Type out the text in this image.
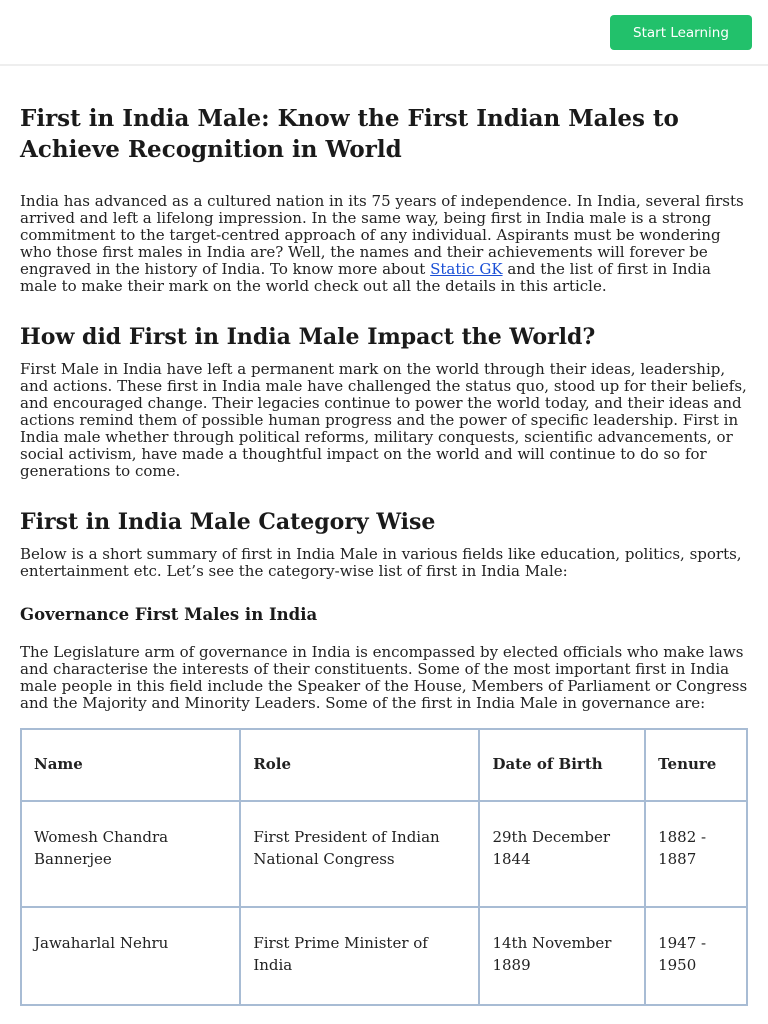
Start Learning
First in India Male: Know the First Indian Males to Achieve Recognition in World

India has advanced as a cultured nation in its 75 years of independence. In India, several firsts arrived and left a lifelong impression. In the same way, being first in India male is a strong commitment to the target-centred approach of any individual. Aspirants must be wondering who those first males in India are? Well, the names and their achievements will forever be engraved in the history of India. To know more about Static GK and the list of first in India male to make their mark on the world check out all the details in this article.

How did First in India Male Impact the World?

First Male in India have left a permanent mark on the world through their ideas, leadership, and actions. These first in India male have challenged the status quo, stood up for their beliefs, and encouraged change. Their legacies continue to power the world today, and their ideas and actions remind them of possible human progress and the power of specific leadership. First in India male whether through political reforms, military conquests, scientific advancements, or social activism, have made a thoughtful impact on the world and will continue to do so for generations to come.

First in India Male Category Wise

Below is a short summary of first in India Male in various fields like education, politics, sports, entertainment etc. Let’s see the category-wise list of first in India Male:

Governance First Males in India

The Legislature arm of governance in India is encompassed by elected officials who make laws and characterise the interests of their constituents. Some of the most important first in India male people in this field include the Speaker of the House, Members of Parliament or Congress and the Majority and Minority Leaders. Some of the first in India Male in governance are:

Name	Role	Date of Birth	Tenure
Womesh Chandra Bannerjee	First President of Indian National Congress	29th December 1844	1882 - 1887
Jawaharlal Nehru	First Prime Minister of India	14th November 1889	1947 - 1950
